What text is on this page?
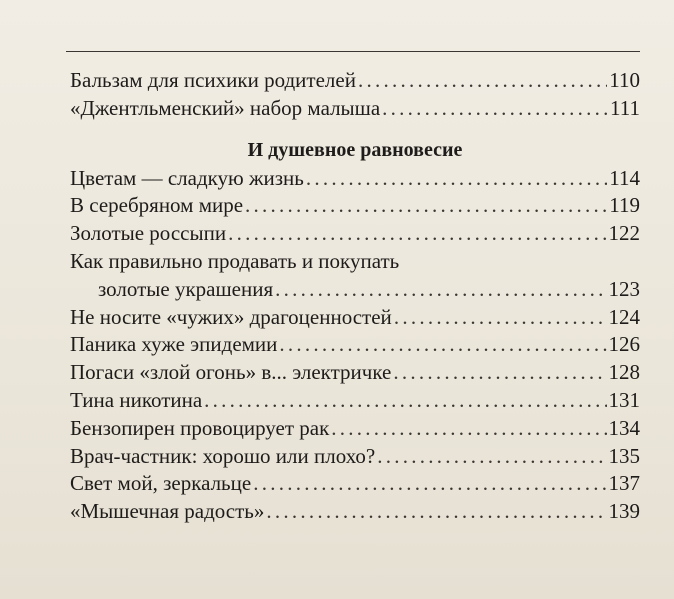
Бальзам для психики родителей . . .	110
«Джентльменский» набор малыша . . .	111
И душевное равновесие
Цветам — сладкую жизнь . . .	114
В серебряном мире . . .	119
Золотые россыпи . . .	122
Как правильно продавать и покупать
золотые украшения . . .	123
Не носите «чужих» драгоценностей . . .	124
Паника хуже эпидемии . . .	126
Погаси «злой огонь» в... электричке . . .	128
Тина никотина . . .	131
Бензопирен провоцирует рак . . .	134
Врач-частник: хорошо или плохо? . . .	135
Свет мой, зеркальце . . .	137
«Мышечная радость» . . .	139
